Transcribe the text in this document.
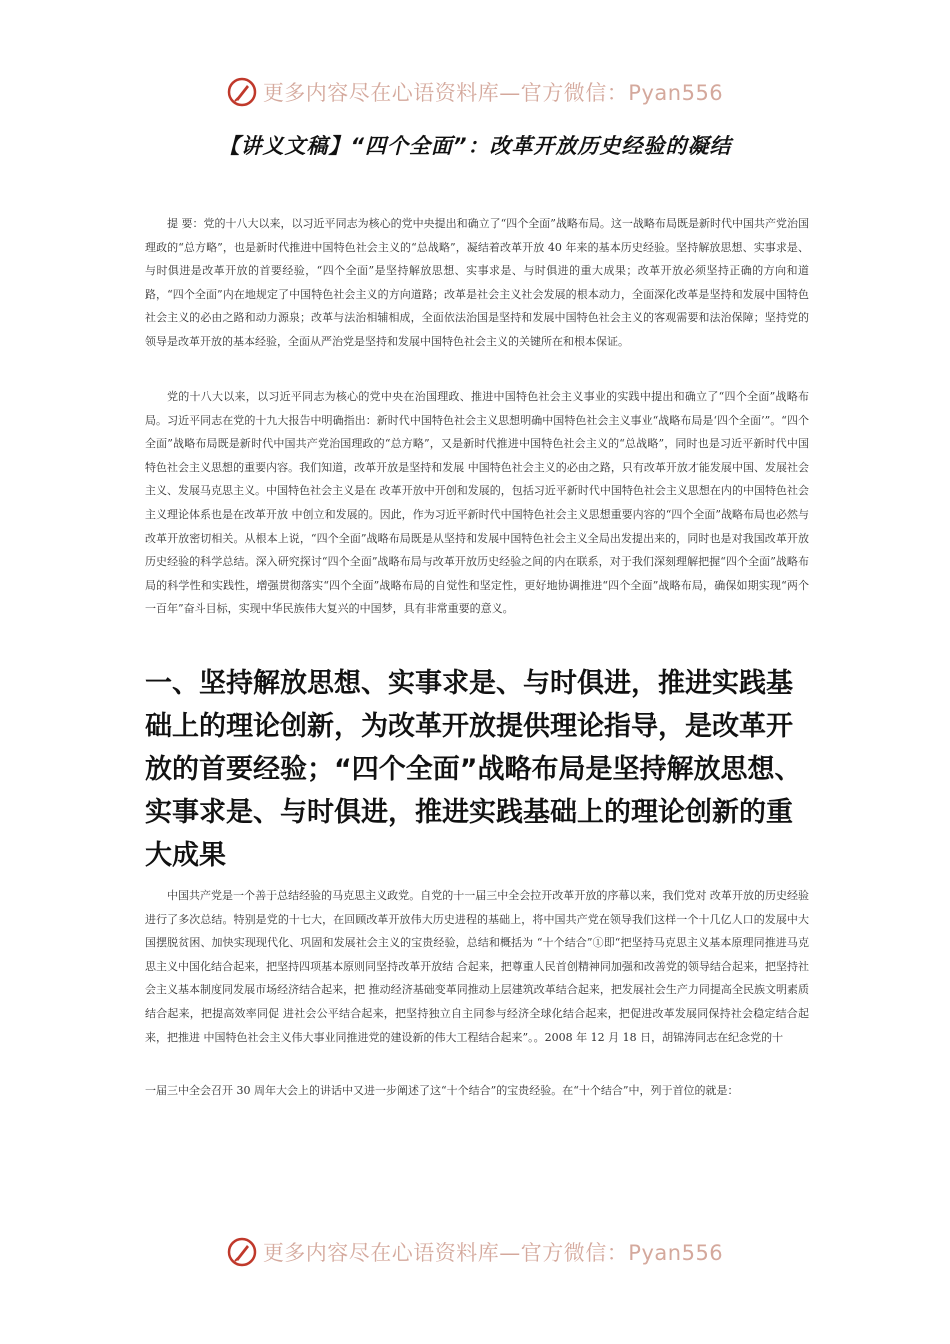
更多内容尽在心语资料库—官方微信：Pyan556
【讲义文稿】“四个全面”：改革开放历史经验的凝结

提 要：党的十八大以来，以习近平同志为核心的党中央提出和确立了“四个全面”战略布局。这一战略布局既是新时代中国共产党治国理政的“总方略”，也是新时代推进中国特色社会主义的“总战略”，凝结着改革开放 40 年来的基本历史经验。坚持解放思想、实事求是、与时俱进是改革开放的首要经验，“四个全面”是坚持解放思想、实事求是、与时俱进的重大成果；改革开放必须坚持正确的方向和道路，“四个全面”内在地规定了中国特色社会主义的方向道路；改革是社会主义社会发展的根本动力，全面深化改革是坚持和发展中国特色社会主义的必由之路和动力源泉；改革与法治相辅相成，全面依法治国是坚持和发展中国特色社会主义的客观需要和法治保障；坚持党的领导是改革开放的基本经验，全面从严治党是坚持和发展中国特色社会主义的关键所在和根本保证。

党的十八大以来，以习近平同志为核心的党中央在治国理政、推进中国特色社会主义事业的实践中提出和确立了“四个全面”战略布局。习近平同志在党的十九大报告中明确指出：新时代中国特色社会主义思想明确中国特色社会主义事业“战略布局是‘四个全面’”。“四个全面”战略布局既是新时代中国共产党治国理政的“总方略”，又是新时代推进中国特色社会主义的“总战略”，同时也是习近平新时代中国特色社会主义思想的重要内容。我们知道，改革开放是坚持和发展 中国特色社会主义的必由之路，只有改革开放才能发展中国、发展社会主义、发展马克思主义。中国特色社会主义是在 改革开放中开创和发展的，包括习近平新时代中国特色社会主义思想在内的中国特色社会主义理论体系也是在改革开放 中创立和发展的。因此，作为习近平新时代中国特色社会主义思想重要内容的“四个全面”战略布局也必然与改革开放密切相关。从根本上说，“四个全面”战略布局既是从坚持和发展中国特色社会主义全局出发提出来的，同时也是对我国改革开放历史经验的科学总结。深入研究探讨“四个全面”战略布局与改革开放历史经验之间的内在联系，对于我们深刻理解把握“四个全面”战略布局的科学性和实践性，增强贯彻落实“四个全面”战略布局的自觉性和坚定性，更好地协调推进“四个全面”战略布局，确保如期实现“两个一百年”奋斗目标，实现中华民族伟大复兴的中国梦，具有非常重要的意义。

一、坚持解放思想、实事求是、与时俱进，推进实践基础上的理论创新，为改革开放提供理论指导，是改革开放的首要经验；“四个全面”战略布局是坚持解放思想、实事求是、与时俱进，推进实践基础上的理论创新的重大成果

中国共产党是一个善于总结经验的马克思主义政党。自党的十一届三中全会拉开改革开放的序幕以来，我们党对 改革开放的历史经验进行了多次总结。特别是党的十七大，在回顾改革开放伟大历史进程的基础上，将中国共产党在领导我们这样一个十几亿人口的发展中大国摆脱贫困、加快实现现代化、巩固和发展社会主义的宝贵经验，总结和概括为 “十个结合”①即“把坚持马克思主义基本原理同推进马克思主义中国化结合起来，把坚持四项基本原则同坚持改革开放结 合起来，把尊重人民首创精神同加强和改善党的领导结合起来，把坚持社会主义基本制度同发展市场经济结合起来，把 推动经济基础变革同推动上层建筑改革结合起来，把发展社会生产力同提高全民族文明素质结合起来，把提高效率同促 进社会公平结合起来，把坚持独立自主同参与经济全球化结合起来，把促进改革发展同保持社会稳定结合起来，把推进 中国特色社会主义伟大事业同推进党的建设新的伟大工程结合起来”。。2008 年 12 月 18 日，胡锦涛同志在纪念党的十

一届三中全会召开 30 周年大会上的讲话中又进一步阐述了这“十个结合”的宝贵经验。在“十个结合”中，列于首位的就是：

更多内容尽在心语资料库—官方微信：Pyan556
